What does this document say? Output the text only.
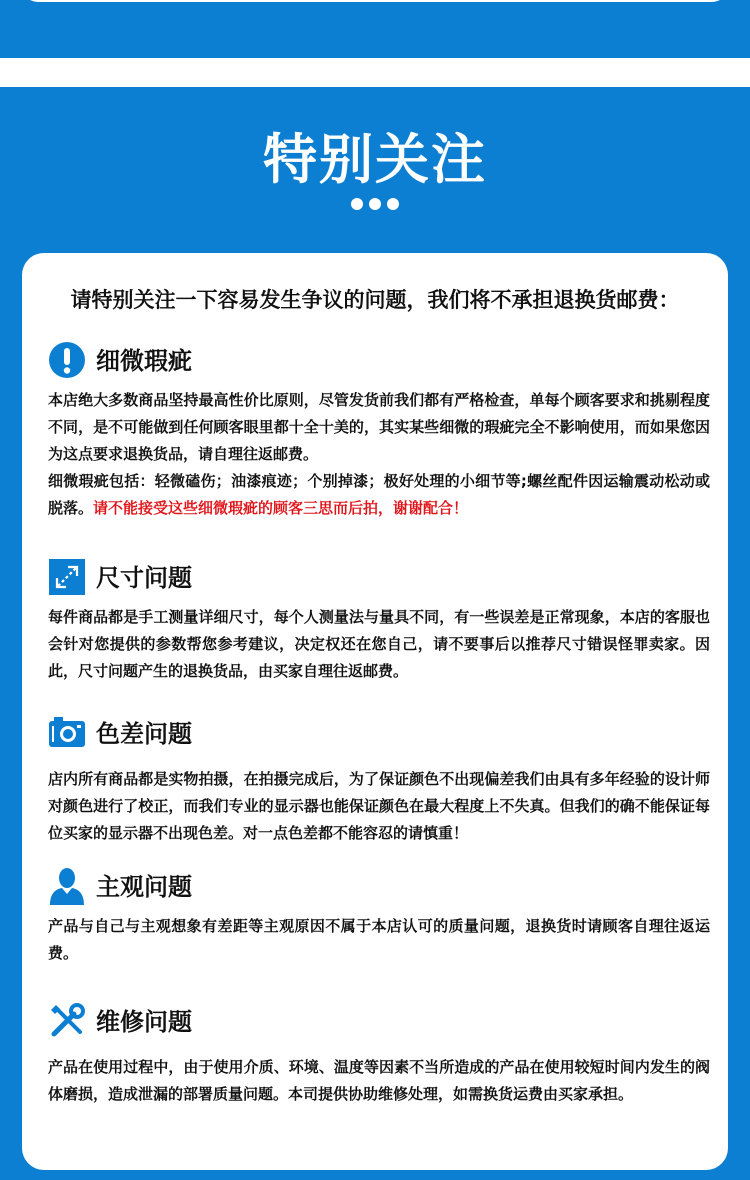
特别关注
请特别关注一下容易发生争议的问题，我们将不承担退换货邮费：
细微瑕疵

本店绝大多数商品坚持最高性价比原则，尽管发货前我们都有严格检查，单每个顾客要求和挑剔程度不同，是不可能做到任何顾客眼里都十全十美的，其实某些细微的瑕疵完全不影响使用，而如果您因为这点要求退换货品，请自理往返邮费。
细微瑕疵包括：轻微磕伤；油漆痕迹；个别掉漆；极好处理的小细节等;螺丝配件因运输震动松动或脱落。请不能接受这些细微瑕疵的顾客三思而后拍，谢谢配合！

尺寸问题

每件商品都是手工测量详细尺寸，每个人测量法与量具不同，有一些误差是正常现象，本店的客服也会针对您提供的参数帮您参考建议，决定权还在您自己，请不要事后以推荐尺寸错误怪罪卖家。因此，尺寸问题产生的退换货品，由买家自理往返邮费。

色差问题

店内所有商品都是实物拍摄，在拍摄完成后，为了保证颜色不出现偏差我们由具有多年经验的设计师对颜色进行了校正，而我们专业的显示器也能保证颜色在最大程度上不失真。但我们的确不能保证每位买家的显示器不出现色差。对一点色差都不能容忍的请慎重！

主观问题

产品与自己与主观想象有差距等主观原因不属于本店认可的质量问题，退换货时请顾客自理往返运费。

维修问题

产品在使用过程中，由于使用介质、环境、温度等因素不当所造成的产品在使用较短时间内发生的阀体磨损，造成泄漏的部署质量问题。本司提供协助维修处理，如需换货运费由买家承担。
